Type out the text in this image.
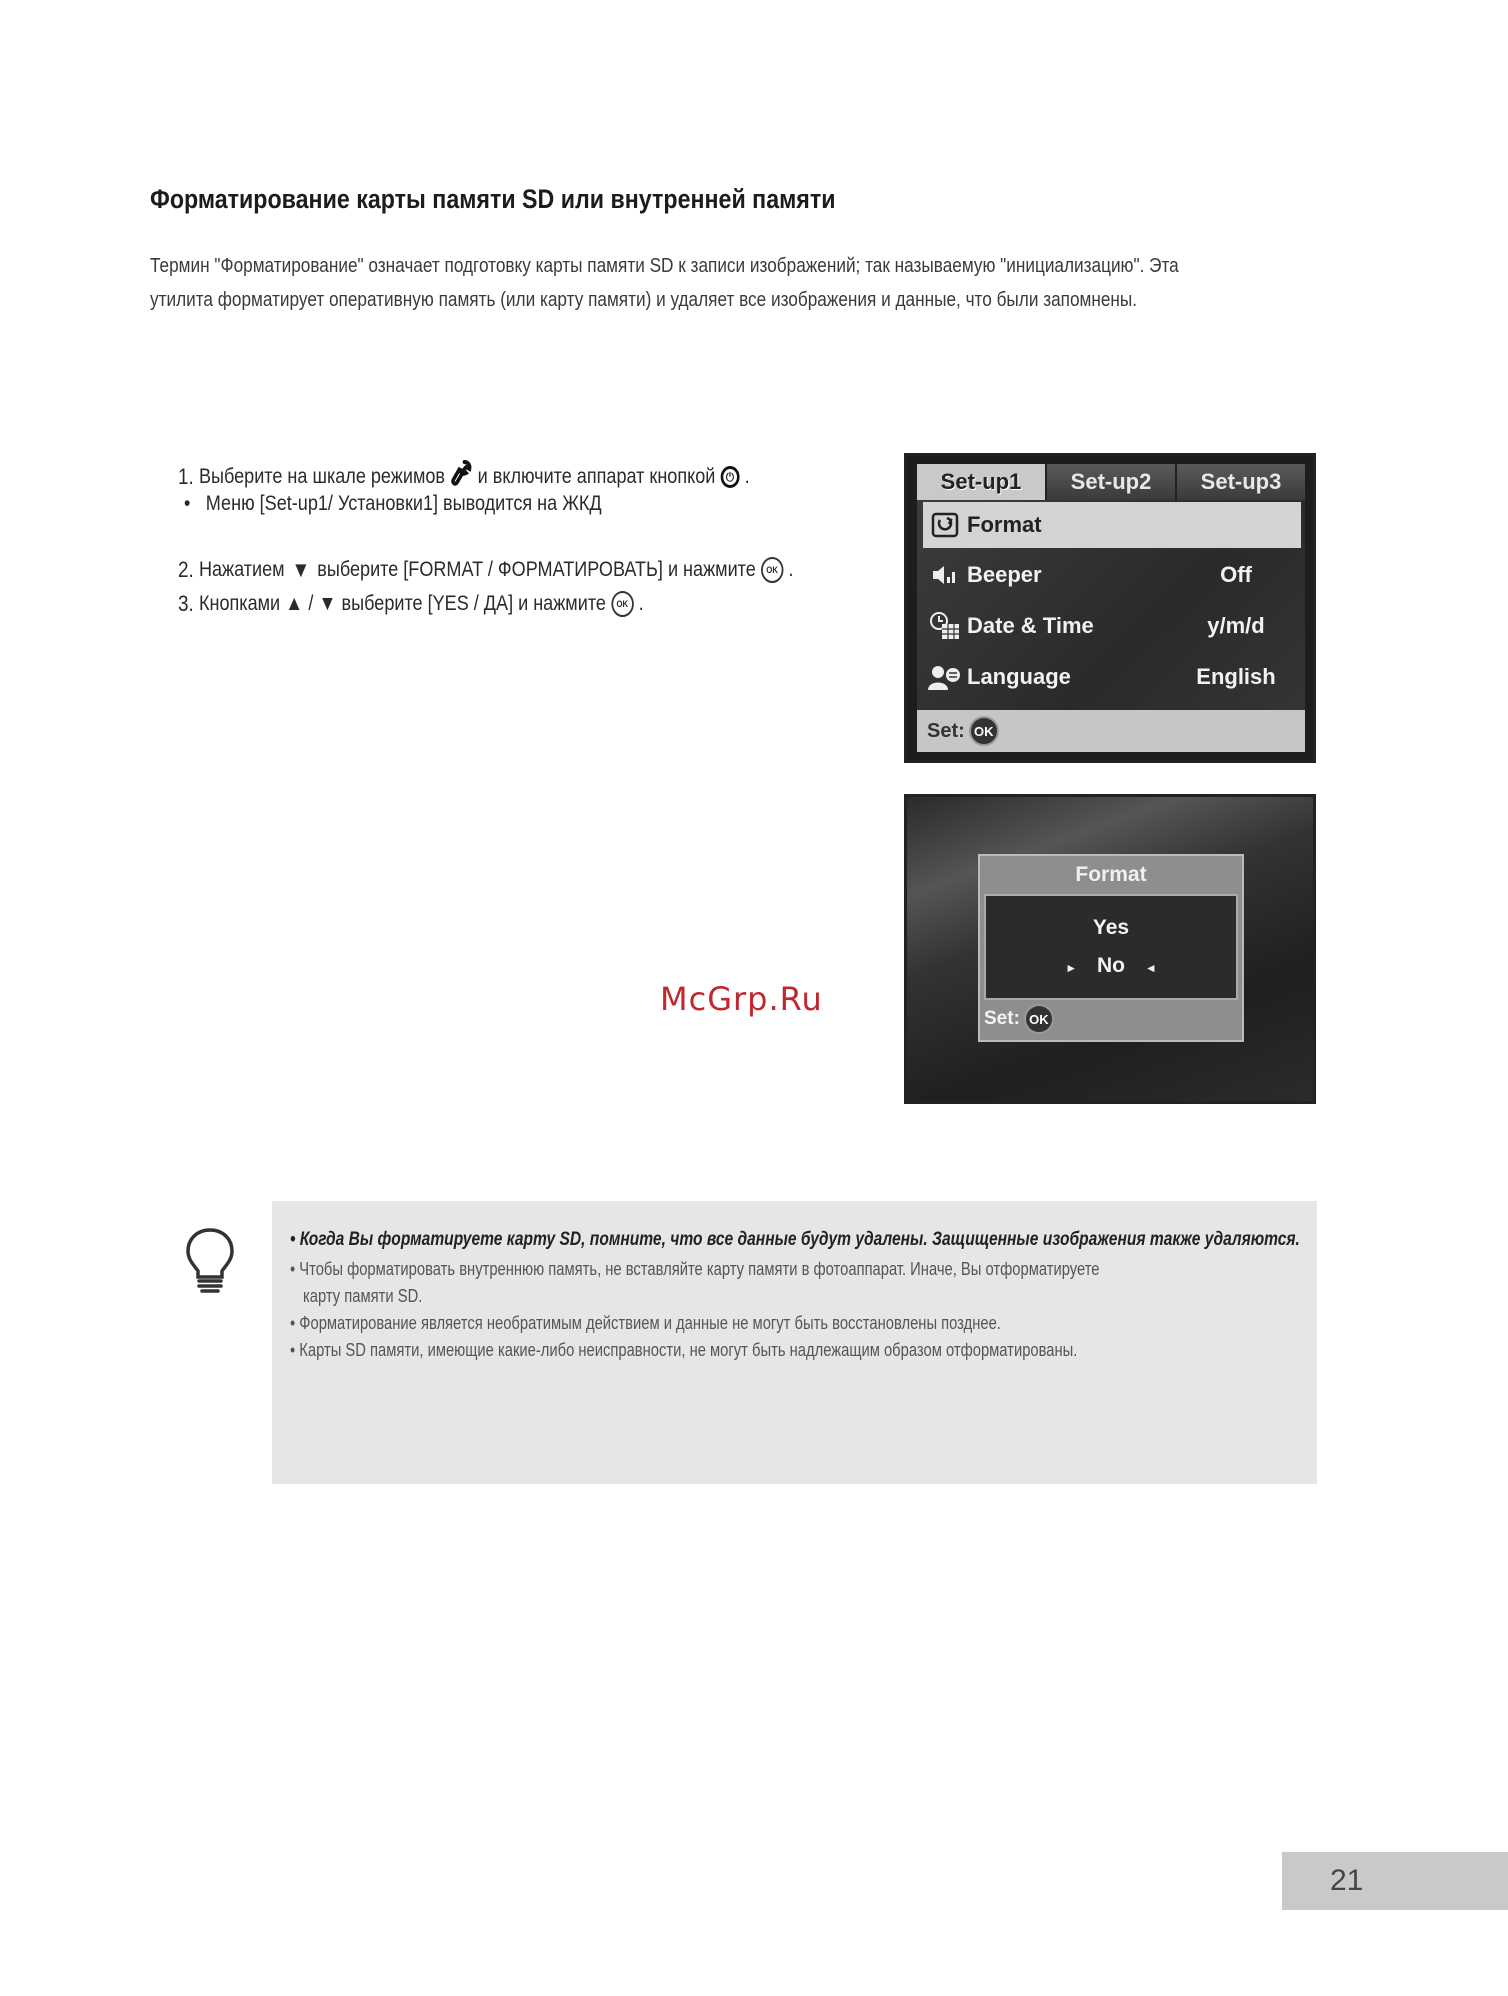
Форматирование карты памяти SD или внутренней памяти
Термин "Форматирование" означает подготовку карты памяти SD к записи изображений; так называемую "инициализацию". Эта
утилита форматирует оперативную память (или карту памяти) и удаляет все изображения и данные, что были запомнены.
1. Выберите на шкале режимов и включите аппарат кнопкой ⏻ .
• Меню [Set-up1/ Установки1] выводится на ЖКД
2. Нажатием ▼ выберите [FORMAT / ФОРМАТИРОВАТЬ] и нажмите	OK .
3. Кнопками ▲ / ▼ выберите [YES / ДА] и нажмите	OK .
Set-up1	Set-up2	Set-up3
Format
Beeper	Off
Date & Time	y/m/d
Language	English
Set: OK
Format
Yes
► No ◄
Set: OK
McGrp.Ru
• Когда Вы форматируете карту SD, помните, что все данные будут удалены. Защищенные изображения также удаляются.
• Чтобы форматировать внутреннюю память, не вставляйте карту памяти в фотоаппарат. Иначе, Вы отформатируете
карту памяти SD.
• Форматирование является необратимым действием и данные не могут быть восстановлены позднее.
• Карты SD памяти, имеющие какие-либо неисправности, не могут быть надлежащим образом отформатированы.
21
